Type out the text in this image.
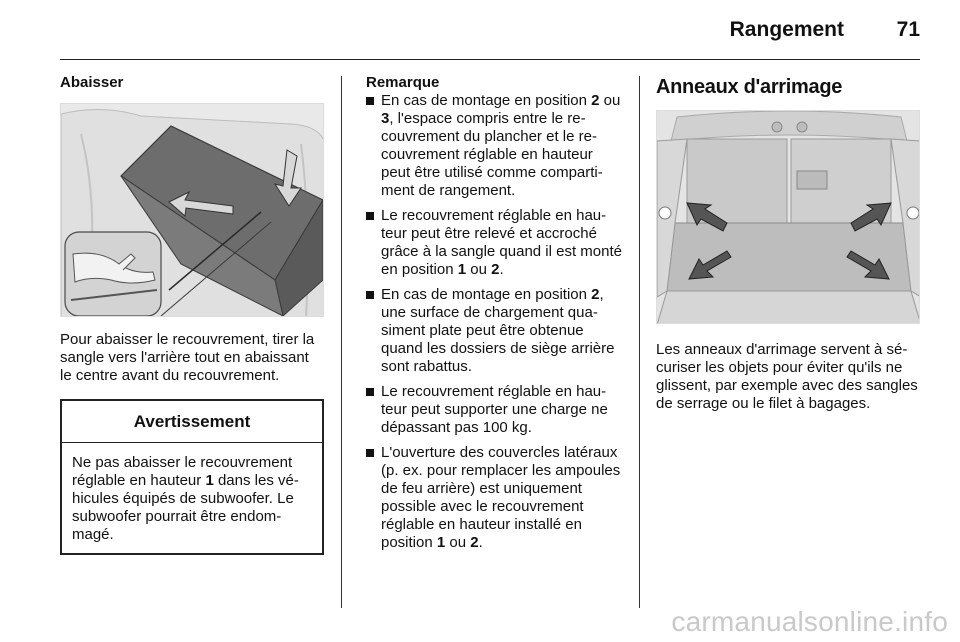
Rangement	71
Abaisser

Pour abaisser le recouvrement, tirer la sangle vers l'arrière tout en abaissant le centre avant du recouvrement.

Avertissement
Ne pas abaisser le recouvrement réglable en hauteur 1 dans les véhicules équipés de subwoofer. Le subwoofer pourrait être endommagé.
Remarque
En cas de montage en position 2 ou 3, l'espace compris entre le recouvrement du plancher et le recouvrement réglable en hauteur peut être utilisé comme compartiment de rangement.
Le recouvrement réglable en hauteur peut être relevé et accroché grâce à la sangle quand il est monté en position 1 ou 2.
En cas de montage en position 2, une surface de chargement quasiment plate peut être obtenue quand les dossiers de siège arrière sont rabattus.
Le recouvrement réglable en hauteur peut supporter une charge ne dépassant pas 100 kg.
L'ouverture des couvercles latéraux (p. ex. pour remplacer les ampoules de feu arrière) est uniquement possible avec le recouvrement réglable en hauteur installé en position 1 ou 2.
Anneaux d'arrimage

Les anneaux d'arrimage servent à sécuriser les objets pour éviter qu'ils ne glissent, par exemple avec des sangles de serrage ou le filet à bagages.

carmanualsonline.info
